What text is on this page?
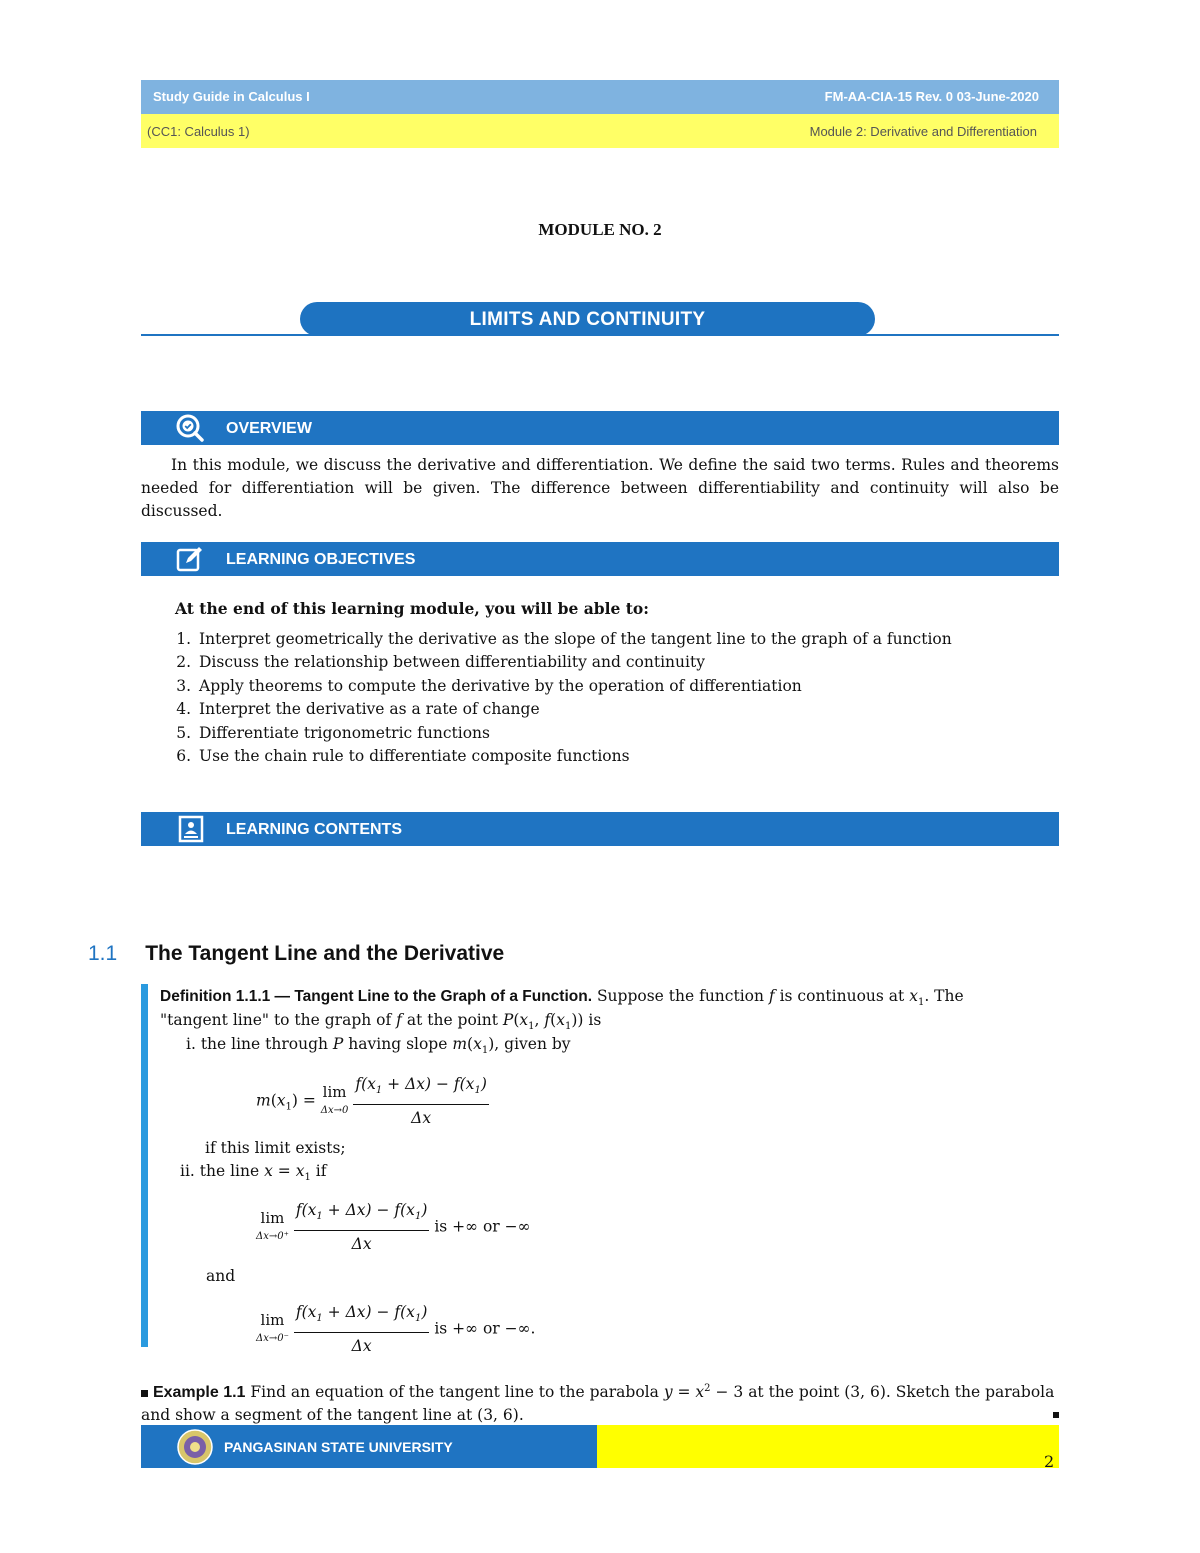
Study Guide in Calculus I	FM-AA-CIA-15 Rev. 0 03-June-2020
(CC1: Calculus 1)	Module 2: Derivative and Differentiation
MODULE NO. 2
LIMITS AND CONTINUITY
OVERVIEW

In this module, we discuss the derivative and differentiation. We define the said two terms. Rules and theorems needed for differentiation will be given. The difference between differentiability and continuity will also be discussed.

LEARNING OBJECTIVES
At the end of this learning module, you will be able to:
1. Interpret geometrically the derivative as the slope of the tangent line to the graph of a function
2. Discuss the relationship between differentiability and continuity
3. Apply theorems to compute the derivative by the operation of differentiation
4. Interpret the derivative as a rate of change
5. Differentiate trigonometric functions
6. Use the chain rule to differentiate composite functions
LEARNING CONTENTS
1.1 The Tangent Line and the Derivative
Definition 1.1.1 — Tangent Line to the Graph of a Function. Suppose the function f is continuous at $x_1$. The
"tangent line" to the graph of f at the point $P(x_1$, $f(x_1)$) is
i. the line through P having slope $m(x_1)$, given by
$m(x_1) = \lim$
Δx→0
$\frac{f(x_1 + \Delta x) - f(x_1)}{\Delta x}$
if this limit exists;
ii. the line $x = x_1$ if
lim
Δx→0⁺
$\frac{f(x_1 + \Delta x) - f(x_1)}{\Delta x}$ is +∞ or −∞
and
lim
Δx→0⁻
$\frac{f(x_1 + \Delta x) - f(x_1)}{\Delta x}$ is +∞ or −∞.
Example 1.1 Find an equation of the tangent line to the parabola $y = x^2 - 3$ at the point (3, 6). Sketch the parabola
and show a segment of the tangent line at (3, 6).
PANGASINAN STATE UNIVERSITY
2
